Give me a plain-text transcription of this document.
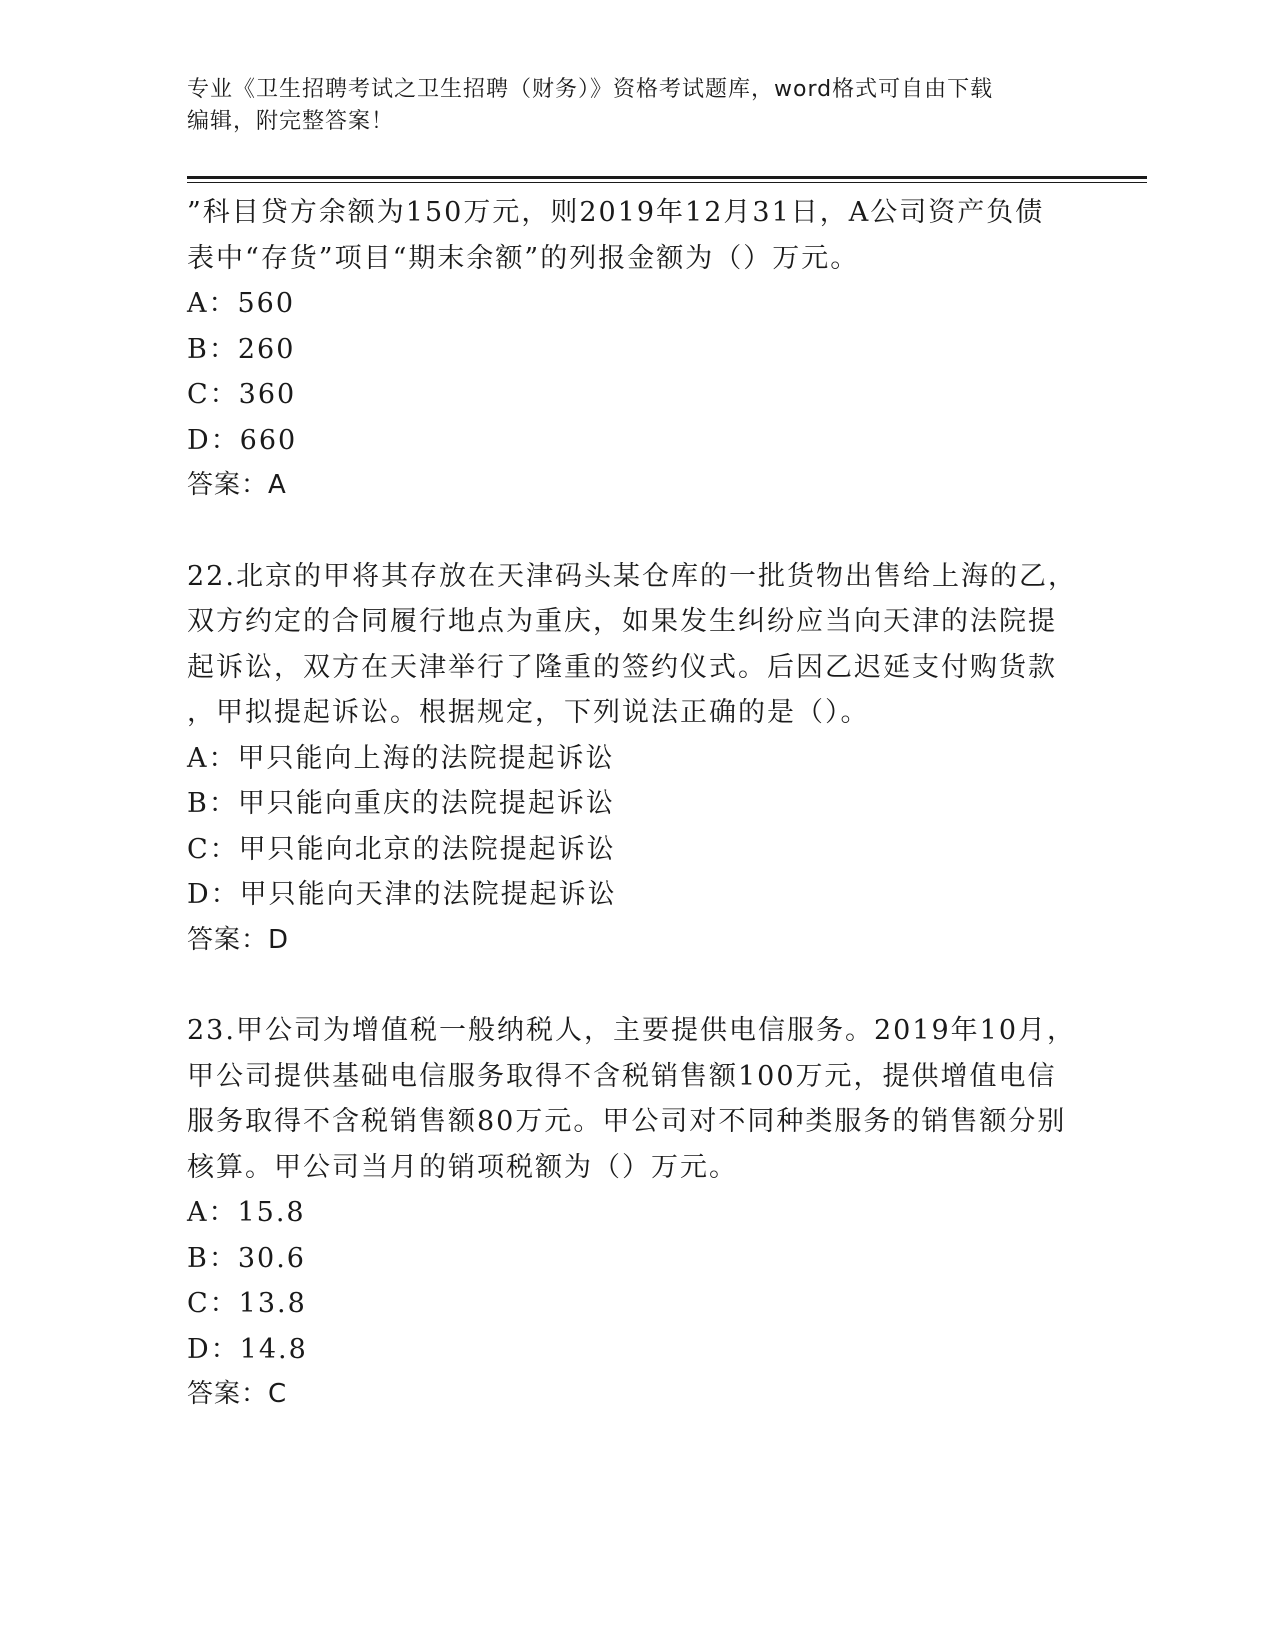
专业《卫生招聘考试之卫生招聘（财务）》资格考试题库，word格式可自由下载
编辑，附完整答案！
”科目贷方余额为150万元，则2019年12月31日，A公司资产负债
表中“存货”项目“期末余额”的列报金额为（）万元。
A：560
B：260
C：360
D：660
答案：A
22.北京的甲将其存放在天津码头某仓库的一批货物出售给上海的乙，
双方约定的合同履行地点为重庆，如果发生纠纷应当向天津的法院提
起诉讼，双方在天津举行了隆重的签约仪式。后因乙迟延支付购货款
，甲拟提起诉讼。根据规定，下列说法正确的是（）。
A：甲只能向上海的法院提起诉讼
B：甲只能向重庆的法院提起诉讼
C：甲只能向北京的法院提起诉讼
D：甲只能向天津的法院提起诉讼
答案：D
23.甲公司为增值税一般纳税人，主要提供电信服务。2019年10月，
甲公司提供基础电信服务取得不含税销售额100万元，提供增值电信
服务取得不含税销售额80万元。甲公司对不同种类服务的销售额分别
核算。甲公司当月的销项税额为（）万元。
A：15.8
B：30.6
C：13.8
D：14.8
答案：C
